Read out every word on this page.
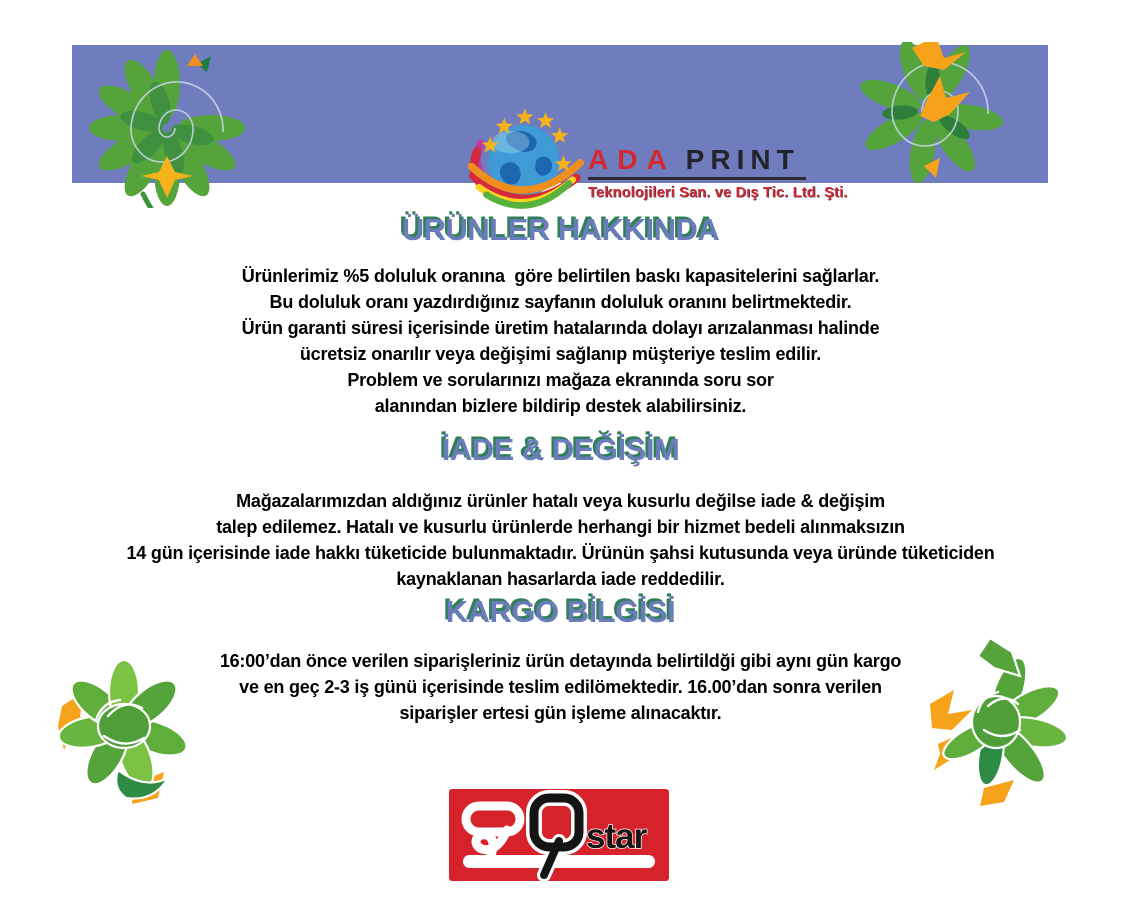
ADA PRINT
Teknolojileri San. ve Dış Tic. Ltd. Şti.
ÜRÜNLER HAKKINDA
Ürünlerimiz %5 doluluk oranına  göre belirtilen baskı kapasitelerini sağlarlar.
Bu doluluk oranı yazdırdığınız sayfanın doluluk oranını belirtmektedir.
Ürün garanti süresi içerisinde üretim hatalarında dolayı arızalanması halinde
ücretsiz onarılır veya değişimi sağlanıp müşteriye teslim edilir.
Problem ve sorularınızı mağaza ekranında soru sor
alanından bizlere bildirip destek alabilirsiniz.
İADE & DEĞİŞİM
Mağazalarımızdan aldığınız ürünler hatalı veya kusurlu değilse iade & değişim
talep edilemez. Hatalı ve kusurlu ürünlerde herhangi bir hizmet bedeli alınmaksızın
14 gün içerisinde iade hakkı tüketicide bulunmaktadır. Ürünün şahsi kutusunda veya üründe tüketiciden
kaynaklanan hasarlarda iade reddedilir.
KARGO BİLGİSİ
16:00’dan önce verilen siparişleriniz ürün detayında belirtildği gibi aynı gün kargo
ve en geç 2-3 iş günü içerisinde teslim edilömektedir. 16.00’dan sonra verilen
siparişler ertesi gün işleme alınacaktır.
star
